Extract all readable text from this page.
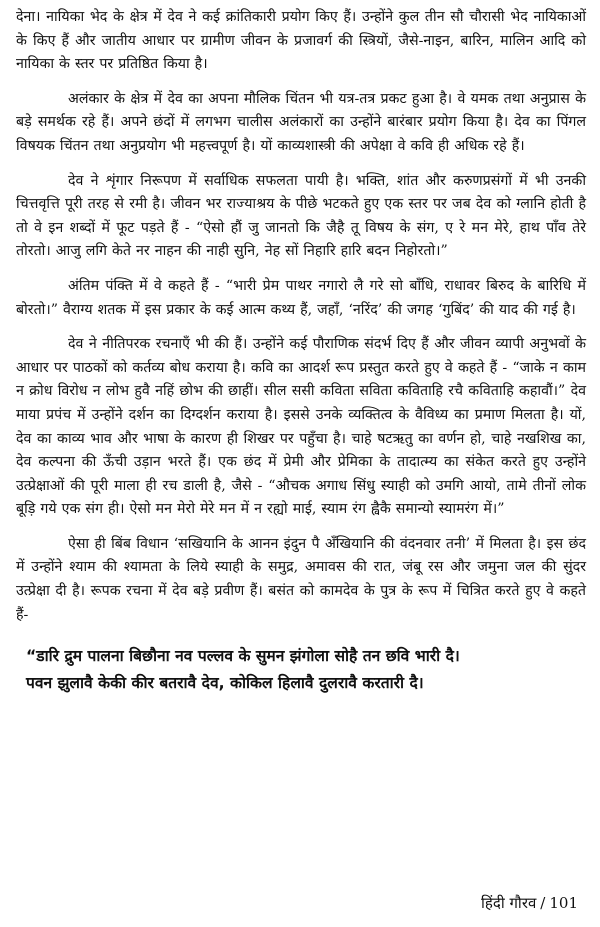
देना। नायिका भेद के क्षेत्र में देव ने कई क्रांतिकारी प्रयोग किए हैं। उन्होंने कुल तीन सौ चौरासी भेद नायिकाओं के किए हैं और जातीय आधार पर ग्रामीण जीवन के प्रजावर्ग की स्त्रियों, जैसे-नाइन, बारिन, मालिन आदि को नायिका के स्तर पर प्रतिष्ठित किया है।

अलंकार के क्षेत्र में देव का अपना मौलिक चिंतन भी यत्र-तत्र प्रकट हुआ है। वे यमक तथा अनुप्रास के बड़े समर्थक रहे हैं। अपने छंदों में लगभग चालीस अलंकारों का उन्होंने बारंबार प्रयोग किया है। देव का पिंगल विषयक चिंतन तथा अनुप्रयोग भी महत्त्वपूर्ण है। यों काव्यशास्त्री की अपेक्षा वे कवि ही अधिक रहे हैं।

देव ने शृंगार निरूपण में सर्वाधिक सफलता पायी है। भक्ति, शांत और करुणप्रसंगों में भी उनकी चित्तवृत्ति पूरी तरह से रमी है। जीवन भर राज्याश्रय के पीछे भटकते हुए एक स्तर पर जब देव को ग्लानि होती है तो वे इन शब्दों में फूट पड़ते हैं - “ऐसो हौं जु जानतो कि जैहै तू विषय के संग, ए रे मन मेरे, हाथ पाँव तेरे तोरतो। आजु लगि केते नर नाहन की नाही सुनि, नेह सों निहारि हारि बदन निहोरतो।”

अंतिम पंक्ति में वे कहते हैं - “भारी प्रेम पाथर नगारो लै गरे सो बाँधि, राधावर बिरुद के बारिधि में बोरतो।” वैराग्य शतक में इस प्रकार के कई आत्म कथ्य हैं, जहाँ, ‘नरिंद’ की जगह ‘गुबिंद’ की याद की गई है।

देव ने नीतिपरक रचनाएँ भी की हैं। उन्होंने कई पौराणिक संदर्भ दिए हैं और जीवन व्यापी अनुभवों के आधार पर पाठकों को कर्तव्य बोध कराया है। कवि का आदर्श रूप प्रस्तुत करते हुए वे कहते हैं - “जाके न काम न क्रोध विरोध न लोभ हुवै नहिं छोभ की छाहीं। सील ससी कविता सविता कविताहि रचै कविताहि कहावौं।” देव माया प्रपंच में उन्होंने दर्शन का दिग्दर्शन कराया है। इससे उनके व्यक्तित्व के वैविध्य का प्रमाण मिलता है। यों, देव का काव्य भाव और भाषा के कारण ही शिखर पर पहुँचा है। चाहे षटऋतु का वर्णन हो, चाहे नखशिख का, देव कल्पना की ऊँची उड़ान भरते हैं। एक छंद में प्रेमी और प्रेमिका के तादात्म्य का संकेत करते हुए उन्होंने उत्प्रेक्षाओं की पूरी माला ही रच डाली है, जैसे - “औचक अगाध सिंधु स्याही को उमगि आयो, तामे तीनों लोक बूड़ि गये एक संग ही। ऐसो मन मेरो मेरे मन में न रह्यो माई, स्याम रंग ह्वैकै समान्यो स्यामरंग में।”

ऐसा ही बिंब विधान ‘सखियानि के आनन इंदुन पै अँखियानि की वंदनवार तनी’ में मिलता है। इस छंद में उन्होंने श्याम की श्यामता के लिये स्याही के समुद्र, अमावस की रात, जंबू रस और जमुना जल की सुंदर उत्प्रेक्षा दी है। रूपक रचना में देव बड़े प्रवीण हैं। बसंत को कामदेव के पुत्र के रूप में चित्रित करते हुए वे कहते हैं-

“डारि द्रुम पालना बिछौना नव पल्लव के सुमन झंगोला सोहै तन छवि भारी दै।
पवन झुलावै केकी कीर बतरावै देव, कोकिल हिलावै दुलरावै करतारी दै।
हिंदी गौरव / 101
